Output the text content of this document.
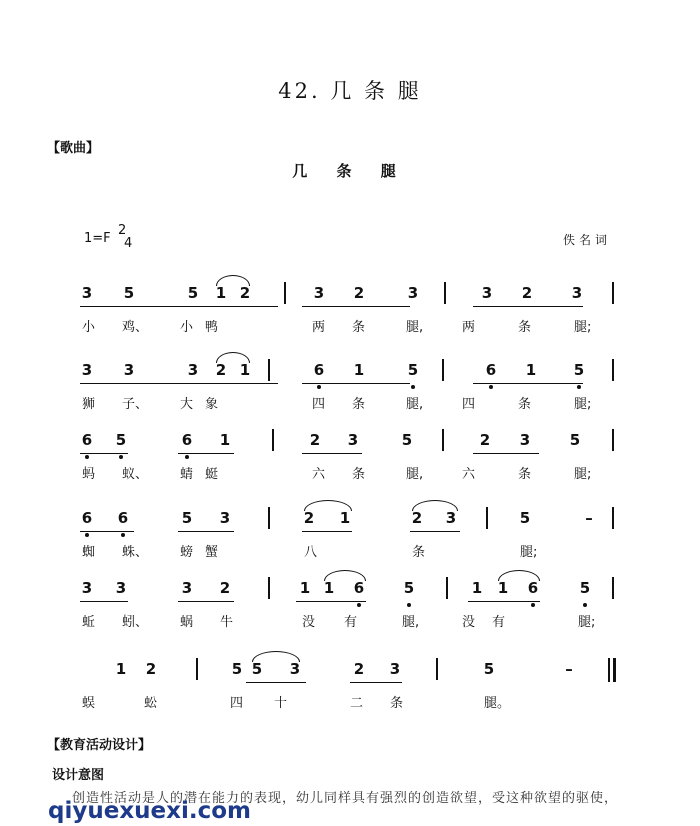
42. 几 条 腿
【歌曲】
几 条 腿
1=F
2
4	佚名词
3 5	5 1 2	3 2	3	3 2	3
小 鸡、 小 鸭	两 条	腿,	两	条	腿;
3 3	3 2 1	6 1	5	6 1	5
狮 子、 大 象	四 条	腿,	四	条	腿;
6 5	6 1	2 3	5	2 3	5
蚂 蚁、 蜻 蜓	六 条	腿,	六	条	腿;
6 6	5 3	2 1	2 3	5	–
蜘 蛛、 螃 蟹	八	条	腿;
3 3	3 2	1 1 6	5	1 1 6	5
蚯 蚓、 蜗 牛	没 有	腿,	没 有	腿;
1 2	5 5 3	2 3	5	–
蜈	蚣	四 十	二 条	腿。
【教育活动设计】
设计意图
创造性活动是人的潜在能力的表现，幼儿同样具有强烈的创造欲望，受这种欲望的驱使，
qiyuexuexi.com
